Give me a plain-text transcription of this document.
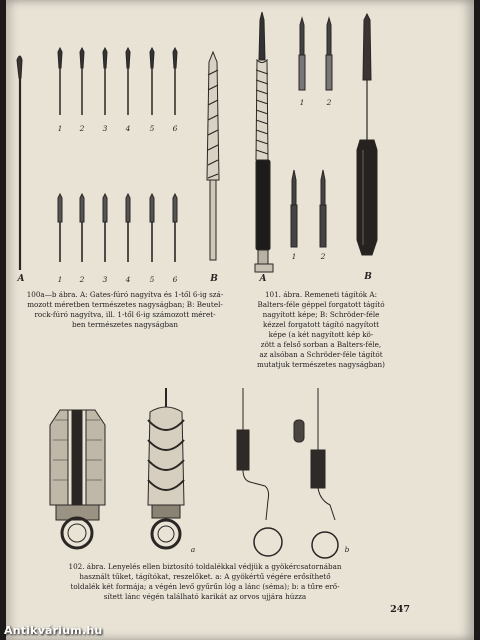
A	B
1	2	3	4	5	6
1	2	3	4	5	6
100a—b ábra. A: Gates-fúró nagyítva és 1-től 6-ig szá-
mozott méretben természetes nagyságban; B: Beutel-
rock-fúró nagyítva, ill. 1-től 6-ig számozott méret-
ben természetes nagyságban
1	2
1	2
A	B
101. ábra. Remeneti tágítók A:
Balters-féle géppel forgatott tágító
nagyított képe; B: Schröder-féle
kézzel forgatott tágító nagyított
képe (a két nagyított kép kö-
zött a felső sorban a Balters-féle,
az alsóban a Schröder-féle tágítót
mutatjuk természetes nagyságban)
a	b
102. ábra. Lenyelés ellen biztosító toldalékkal védjük a gyökércsatornában
használt tűket, tágítókat, reszelőket. a: A gyökértű végére erősíthető
toldalék két formája; a végén levő gyűrűn lóg a lánc (séma); b: a tűre erő-
sített lánc végén található karikát az orvos ujjára húzza
247
Antikvárium.hu
